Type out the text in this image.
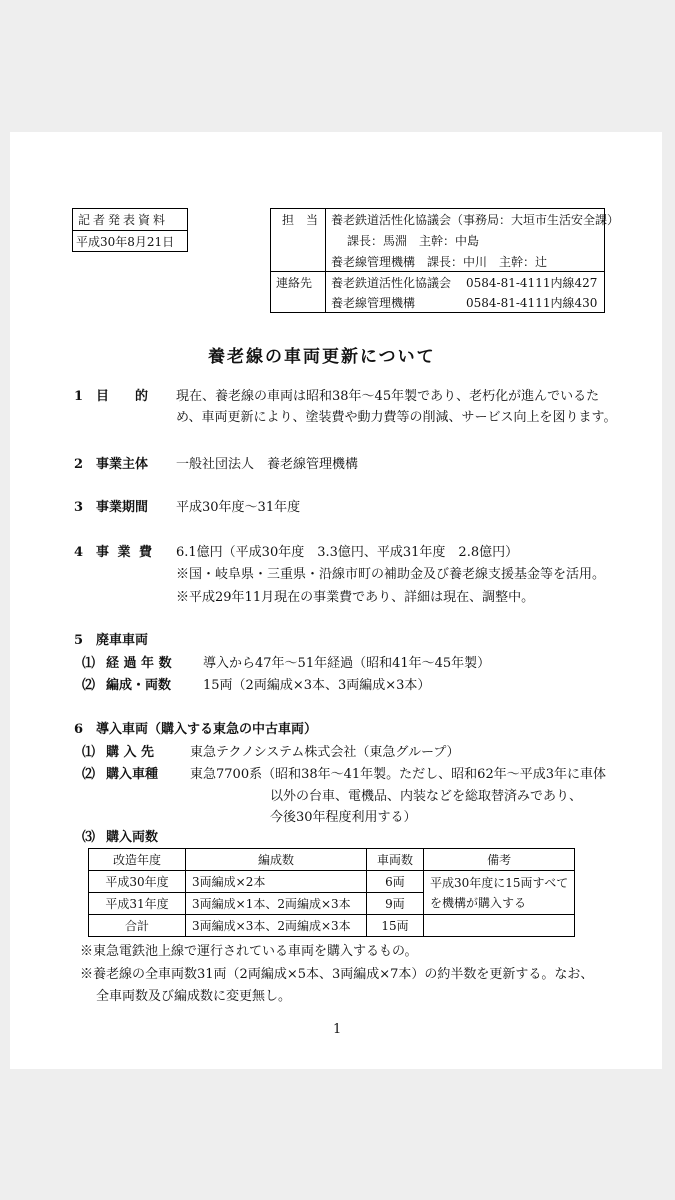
記者発表資料
平成30年8月21日
担　当 養老鉄道活性化協議会（事務局：大垣市生活安全課）
課長：馬淵　主幹：中島
養老線管理機構　課長：中川　主幹：辻
連絡先 養老鉄道活性化協議会 0584-81-4111内線427
養老線管理機構	0584-81-4111内線430
養老線の車両更新について
1 目　　的 現在、養老線の車両は昭和38年～45年製であり、老朽化が進んでいるた
め、車両更新により、塗装費や動力費等の削減、サービス向上を図ります。
2 事業主体 一般社団法人　養老線管理機構
3 事業期間 平成30年度～31年度
4 事 業 費 6.1億円（平成30年度　3.3億円、平成31年度　2.8億円）
※国・岐阜県・三重県・沿線市町の補助金及び養老線支援基金等を活用。
※平成29年11月現在の事業費であり、詳細は現在、調整中。
5 廃車車両
⑴ 経 過 年 数 導入から47年～51年経過（昭和41年～45年製）
⑵ 編成・両数 15両（2両編成×3本、3両編成×3本）
6 導入車両（購入する東急の中古車両）
⑴ 購 入 先	東急テクノシステム株式会社（東急グループ）
⑵ 購入車種 東急7700系（昭和38年～41年製。ただし、昭和62年～平成3年に車体
以外の台車、電機品、内装などを総取替済みであり、
今後30年程度利用する）
⑶ 購入両数
改造年度	編成数	車両数	備考
平成30年度	3両編成×2本	6両	平成30年度に15両すべて
を機構が購入する

平成31年度	3両編成×1本、2両編成×3本	9両	
合計	3両編成×3本、2両編成×3本	15両	
※東急電鉄池上線で運行されている車両を購入するもの。
※養老線の全車両数31両（2両編成×5本、3両編成×7本）の約半数を更新する。なお、
全車両数及び編成数に変更無し。
1
